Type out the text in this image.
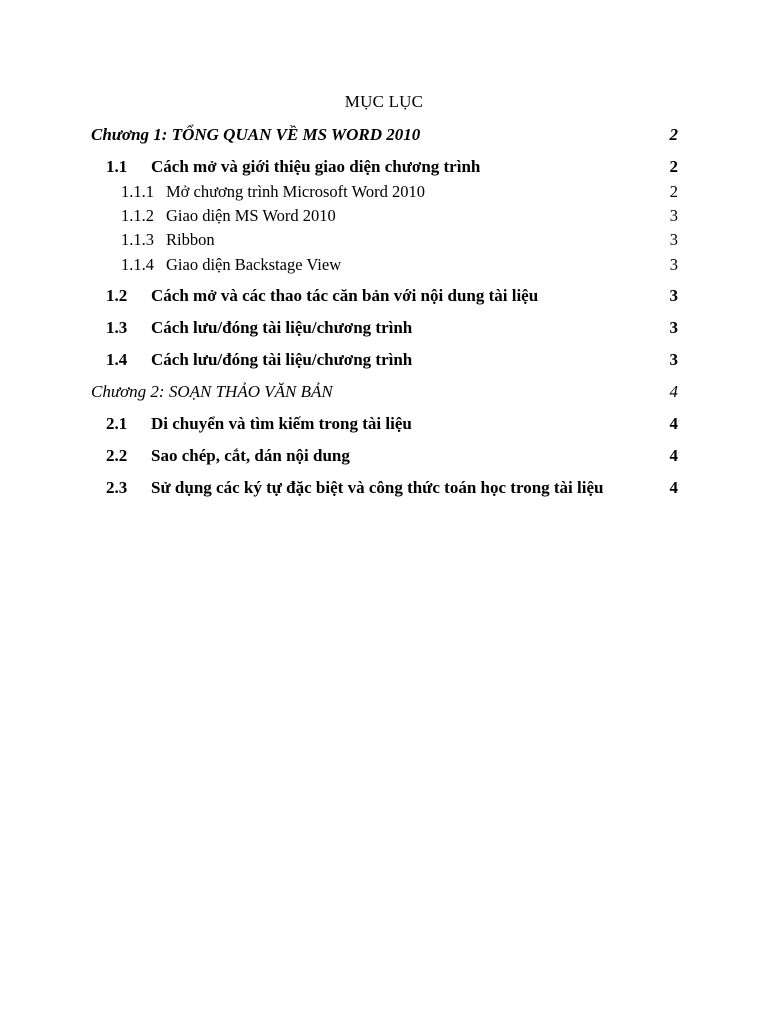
MỤC LỤC
Chương 1: TỔNG QUAN VỀ MS WORD 2010	2
1.1 Cách mở và giới thiệu giao diện chương trình	2
1.1.1 Mở chương trình Microsoft Word 2010	2
1.1.2 Giao diện MS Word 2010	3
1.1.3 Ribbon	3
1.1.4 Giao diện Backstage View	3
1.2 Cách mở và các thao tác căn bản với nội dung tài liệu	3
1.3 Cách lưu/đóng tài liệu/chương trình	3
1.4 Cách lưu/đóng tài liệu/chương trình	3
Chương 2: SOẠN THẢO VĂN BẢN	4
2.1 Di chuyển và tìm kiếm trong tài liệu	4
2.2 Sao chép, cắt, dán nội dung	4
2.3 Sử dụng các ký tự đặc biệt và công thức toán học trong tài liệu	4
